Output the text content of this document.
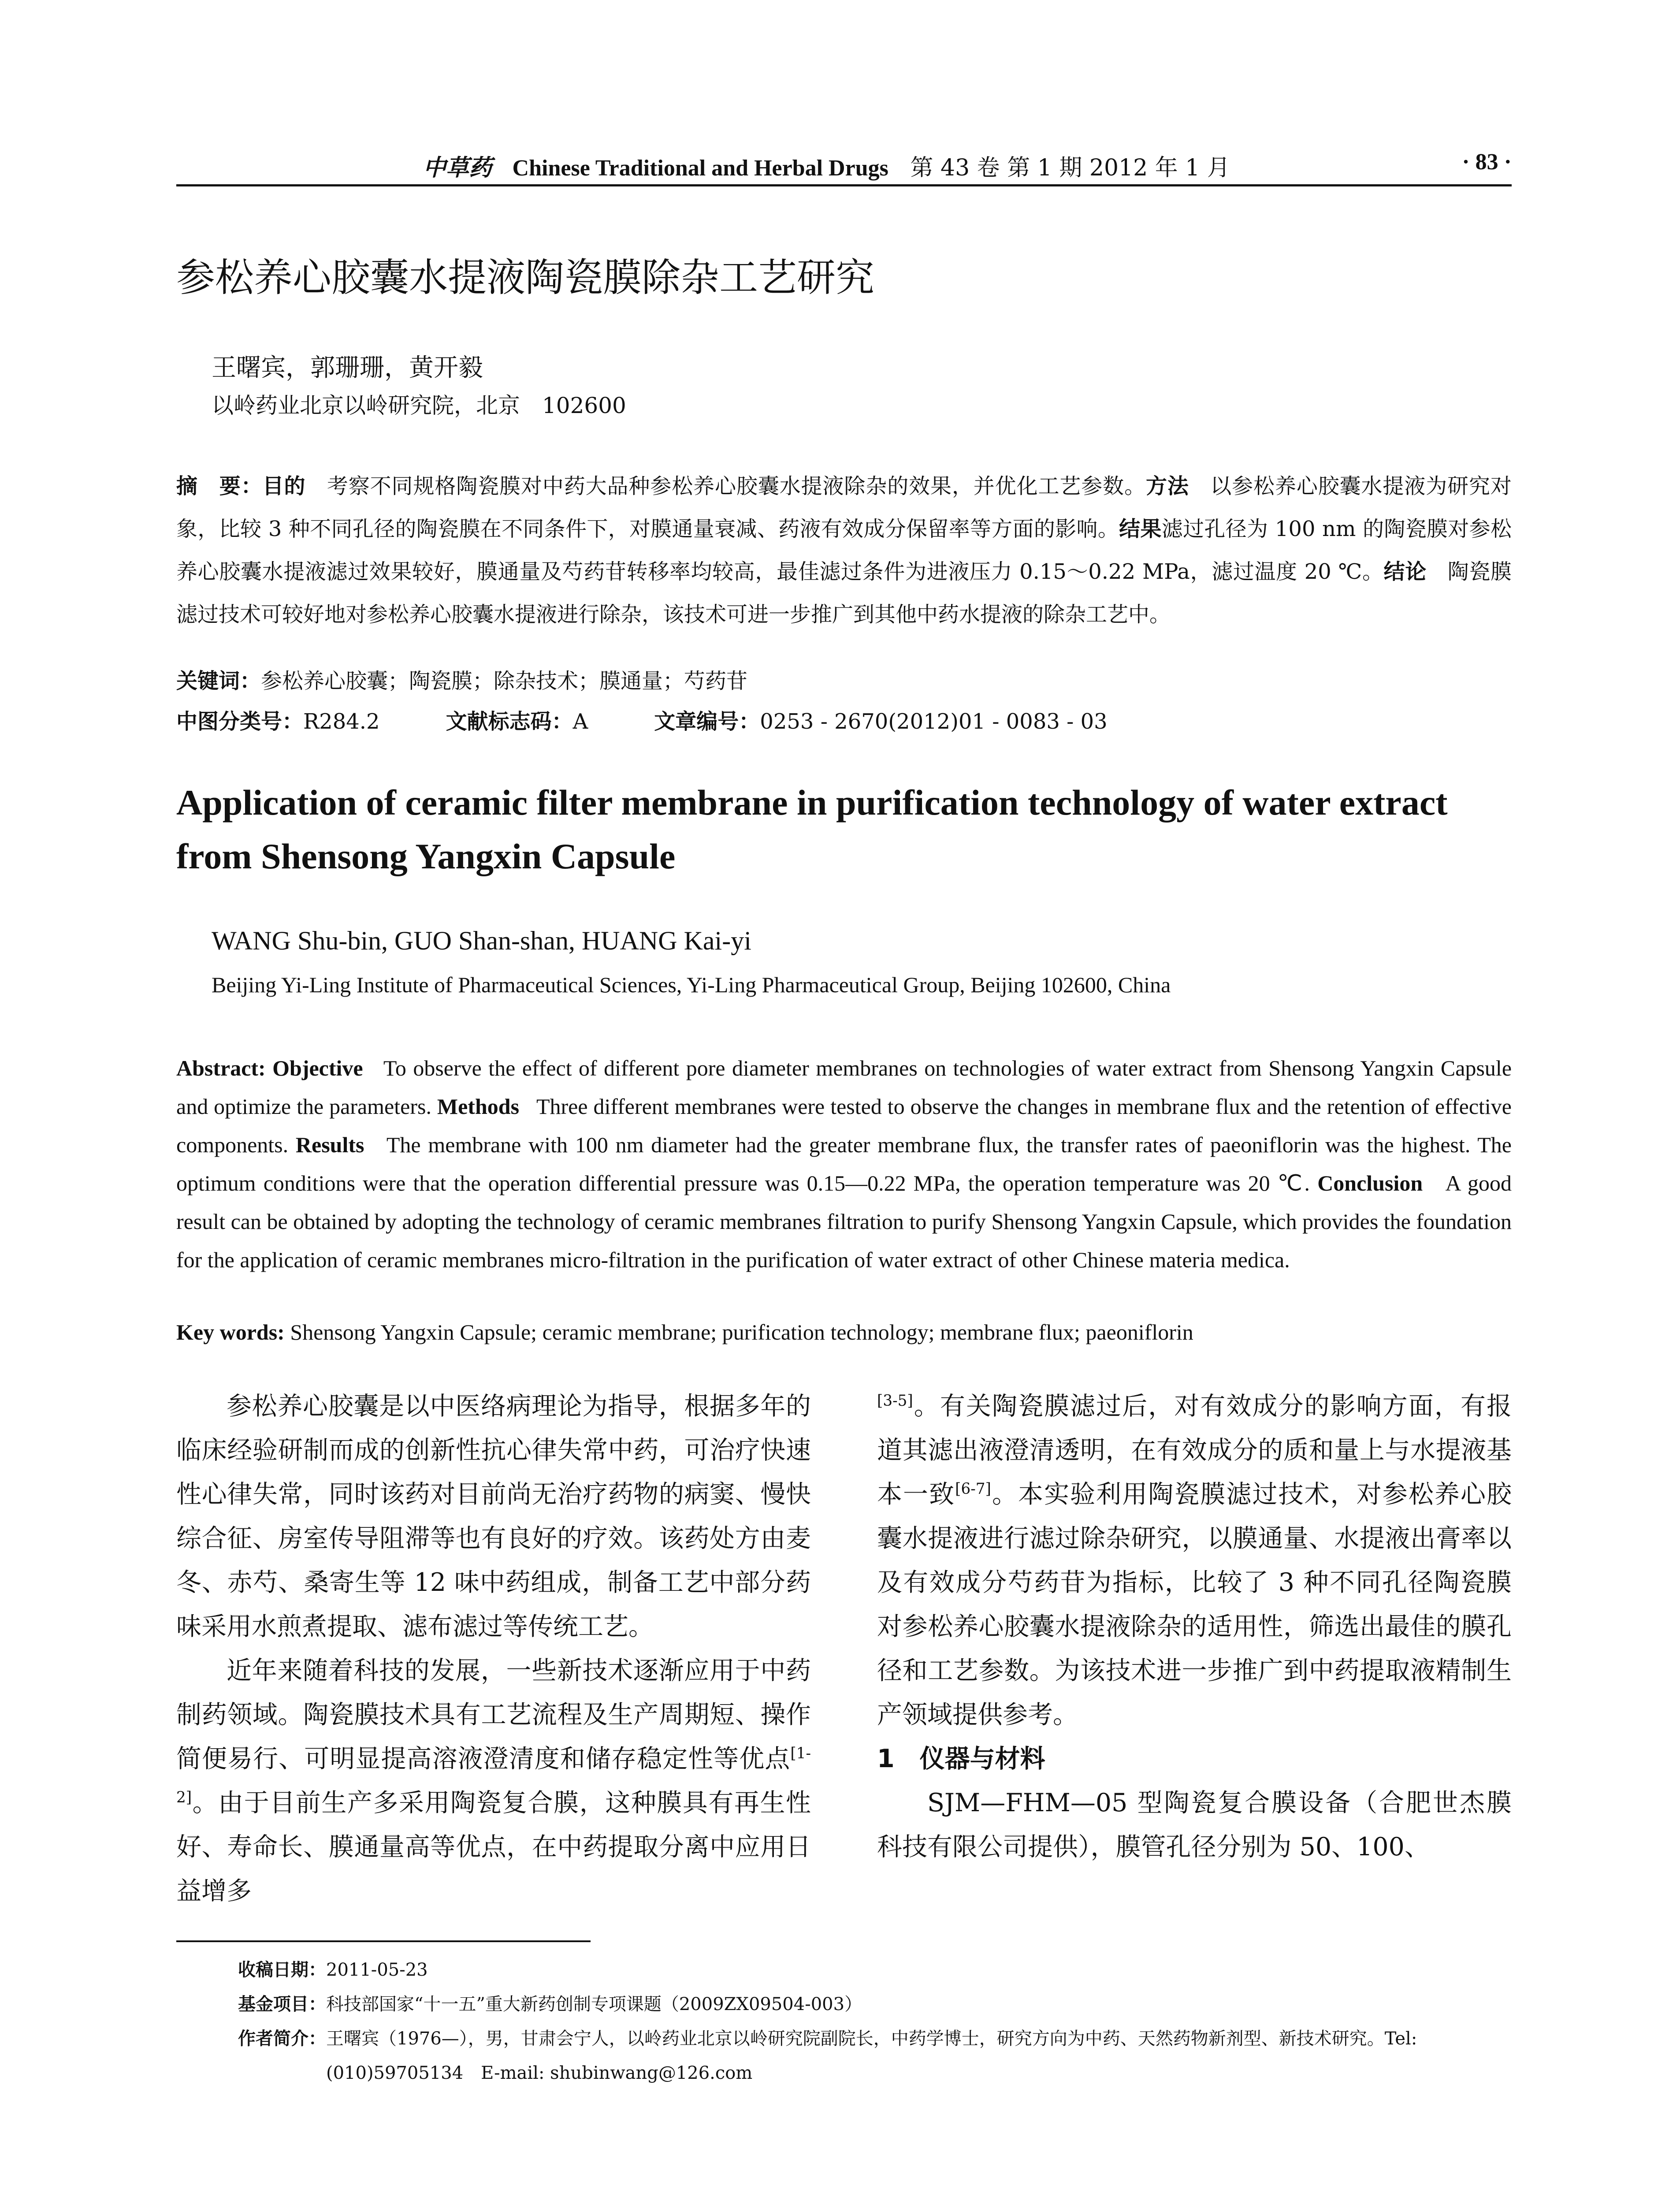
中草药 Chinese Traditional and Herbal Drugs 第 43 卷 第 1 期 2012 年 1 月	· 83 ·
参松养心胶囊水提液陶瓷膜除杂工艺研究
王曙宾，郭珊珊，黄开毅
以岭药业北京以岭研究院，北京　102600
摘　要：目的 考察不同规格陶瓷膜对中药大品种参松养心胶囊水提液除杂的效果，并优化工艺参数。方法 以参松养心胶囊水提液为研究对象，比较 3 种不同孔径的陶瓷膜在不同条件下，对膜通量衰减、药液有效成分保留率等方面的影响。结果滤过孔径为 100 nm 的陶瓷膜对参松养心胶囊水提液滤过效果较好，膜通量及芍药苷转移率均较高，最佳滤过条件为进液压力 0.15～0.22 MPa，滤过温度 20 ℃。结论 陶瓷膜滤过技术可较好地对参松养心胶囊水提液进行除杂，该技术可进一步推广到其他中药水提液的除杂工艺中。
关键词：参松养心胶囊；陶瓷膜；除杂技术；膜通量；芍药苷
中图分类号：R284.2	文献标志码：A	文章编号：0253 - 2670(2012)01 - 0083 - 03
Application of ceramic filter membrane in purification technology of water extract from Shensong Yangxin Capsule
WANG Shu-bin, GUO Shan-shan, HUANG Kai-yi
Beijing Yi-Ling Institute of Pharmaceutical Sciences, Yi-Ling Pharmaceutical Group, Beijing 102600, China
Abstract: Objective To observe the effect of different pore diameter membranes on technologies of water extract from Shensong Yangxin Capsule and optimize the parameters. Methods Three different membranes were tested to observe the changes in membrane flux and the retention of effective components. Results The membrane with 100 nm diameter had the greater membrane flux, the transfer rates of paeoniflorin was the highest. The optimum conditions were that the operation differential pressure was 0.15—0.22 MPa, the operation temperature was 20 ℃. Conclusion A good result can be obtained by adopting the technology of ceramic membranes filtration to purify Shensong Yangxin Capsule, which provides the foundation for the application of ceramic membranes micro-filtration in the purification of water extract of other Chinese materia medica.
Key words: Shensong Yangxin Capsule; ceramic membrane; purification technology; membrane flux; paeoniflorin

参松养心胶囊是以中医络病理论为指导，根据多年的临床经验研制而成的创新性抗心律失常中药，可治疗快速性心律失常，同时该药对目前尚无治疗药物的病窦、慢快综合征、房室传导阻滞等也有良好的疗效。该药处方由麦冬、赤芍、桑寄生等 12 味中药组成，制备工艺中部分药味采用水煎煮提取、滤布滤过等传统工艺。

近年来随着科技的发展，一些新技术逐渐应用于中药制药领域。陶瓷膜技术具有工艺流程及生产周期短、操作简便易行、可明显提高溶液澄清度和储存稳定性等优点[1-2]。由于目前生产多采用陶瓷复合膜，这种膜具有再生性好、寿命长、膜通量高等优点，在中药提取分离中应用日益增多

[3-5]。有关陶瓷膜滤过后，对有效成分的影响方面，有报道其滤出液澄清透明，在有效成分的质和量上与水提液基本一致[6-7]。本实验利用陶瓷膜滤过技术，对参松养心胶囊水提液进行滤过除杂研究，以膜通量、水提液出膏率以及有效成分芍药苷为指标，比较了 3 种不同孔径陶瓷膜对参松养心胶囊水提液除杂的适用性，筛选出最佳的膜孔径和工艺参数。为该技术进一步推广到中药提取液精制生产领域提供参考。

1　仪器与材料

SJM—FHM—05 型陶瓷复合膜设备（合肥世杰膜科技有限公司提供），膜管孔径分别为 50、100、

收稿日期： 2011-05-23
基金项目： 科技部国家“十一五”重大新药创制专项课题（2009ZX09504-003）
作者简介： 王曙宾（1976—），男，甘肃会宁人，以岭药业北京以岭研究院副院长，中药学博士，研究方向为中药、天然药物新剂型、新技术研究。Tel: (010)59705134　E-mail: shubinwang@126.com
